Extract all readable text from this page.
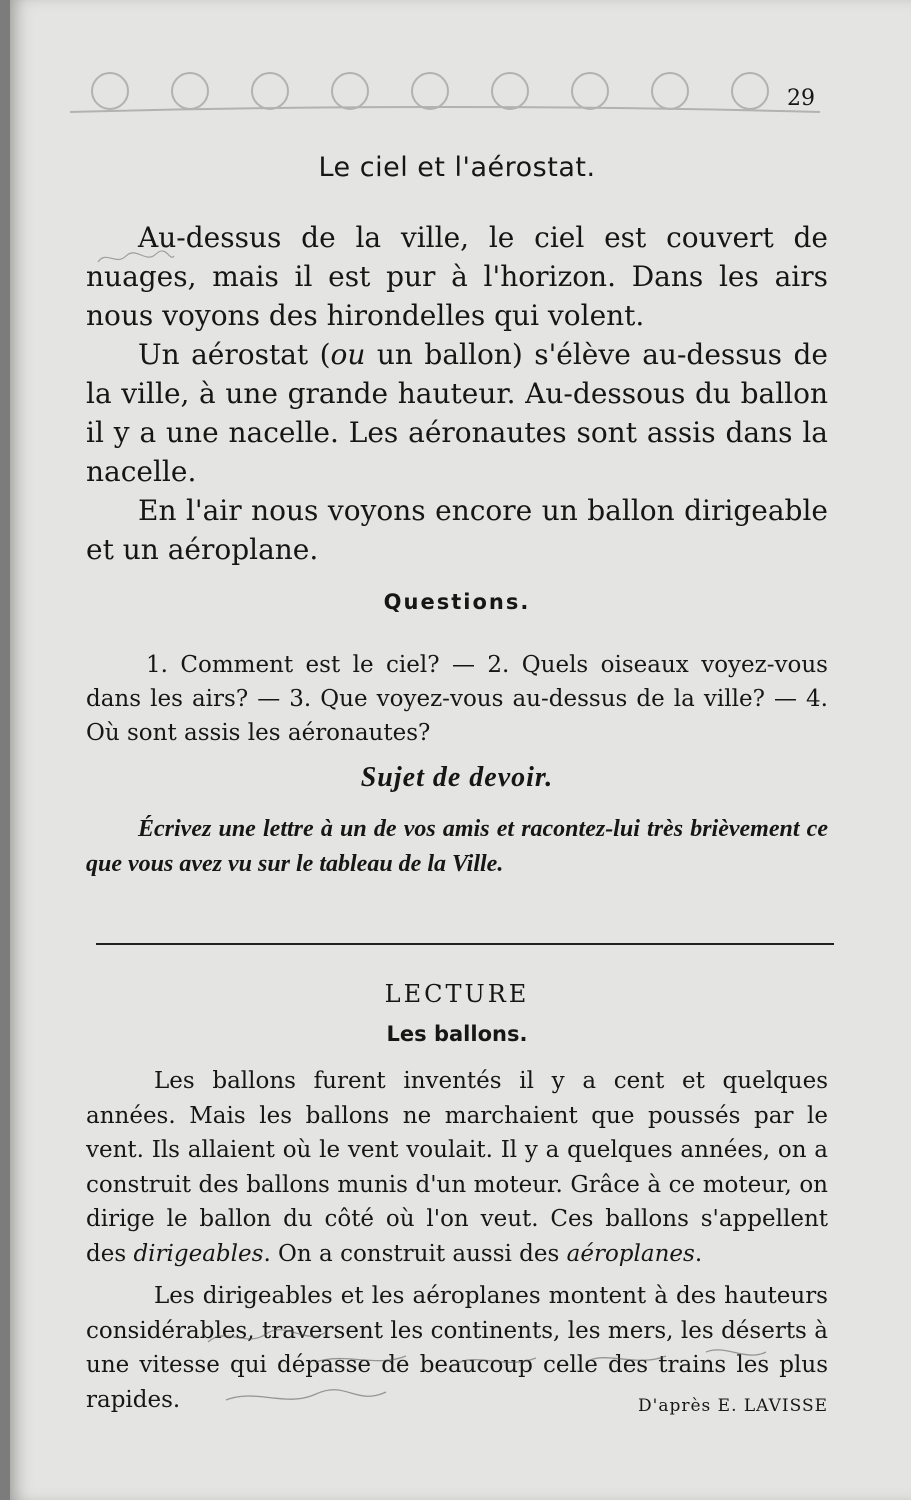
29
Le ciel et l'aérostat.

Au-dessus de la ville, le ciel est couvert de nuages, mais il est pur à l'horizon. Dans les airs nous voyons des hirondelles qui volent.

Un aérostat (ou un ballon) s'élève au-dessus de la ville, à une grande hauteur. Au-dessous du ballon il y a une nacelle. Les aéronautes sont assis dans la nacelle.

En l'air nous voyons encore un ballon dirigeable et un aéroplane.

Questions.

1. Comment est le ciel? — 2. Quels oiseaux voyez-vous dans les airs? — 3. Que voyez-vous au-dessus de la ville? — 4. Où sont assis les aéronautes?

Sujet de devoir.

Écrivez une lettre à un de vos amis et racontez-lui très brièvement ce que vous avez vu sur le tableau de la Ville.

LECTURE
Les ballons.

Les ballons furent inventés il y a cent et quelques années. Mais les ballons ne marchaient que poussés par le vent. Ils allaient où le vent voulait. Il y a quelques années, on a construit des ballons munis d'un moteur. Grâce à ce moteur, on dirige le ballon du côté où l'on veut. Ces ballons s'appellent des dirigeables. On a construit aussi des aéroplanes.

Les dirigeables et les aéroplanes montent à des hauteurs considérables, traversent les continents, les mers, les déserts à une vitesse qui dépasse de beaucoup celle des trains les plus rapides.	D'après E. LAVISSE
